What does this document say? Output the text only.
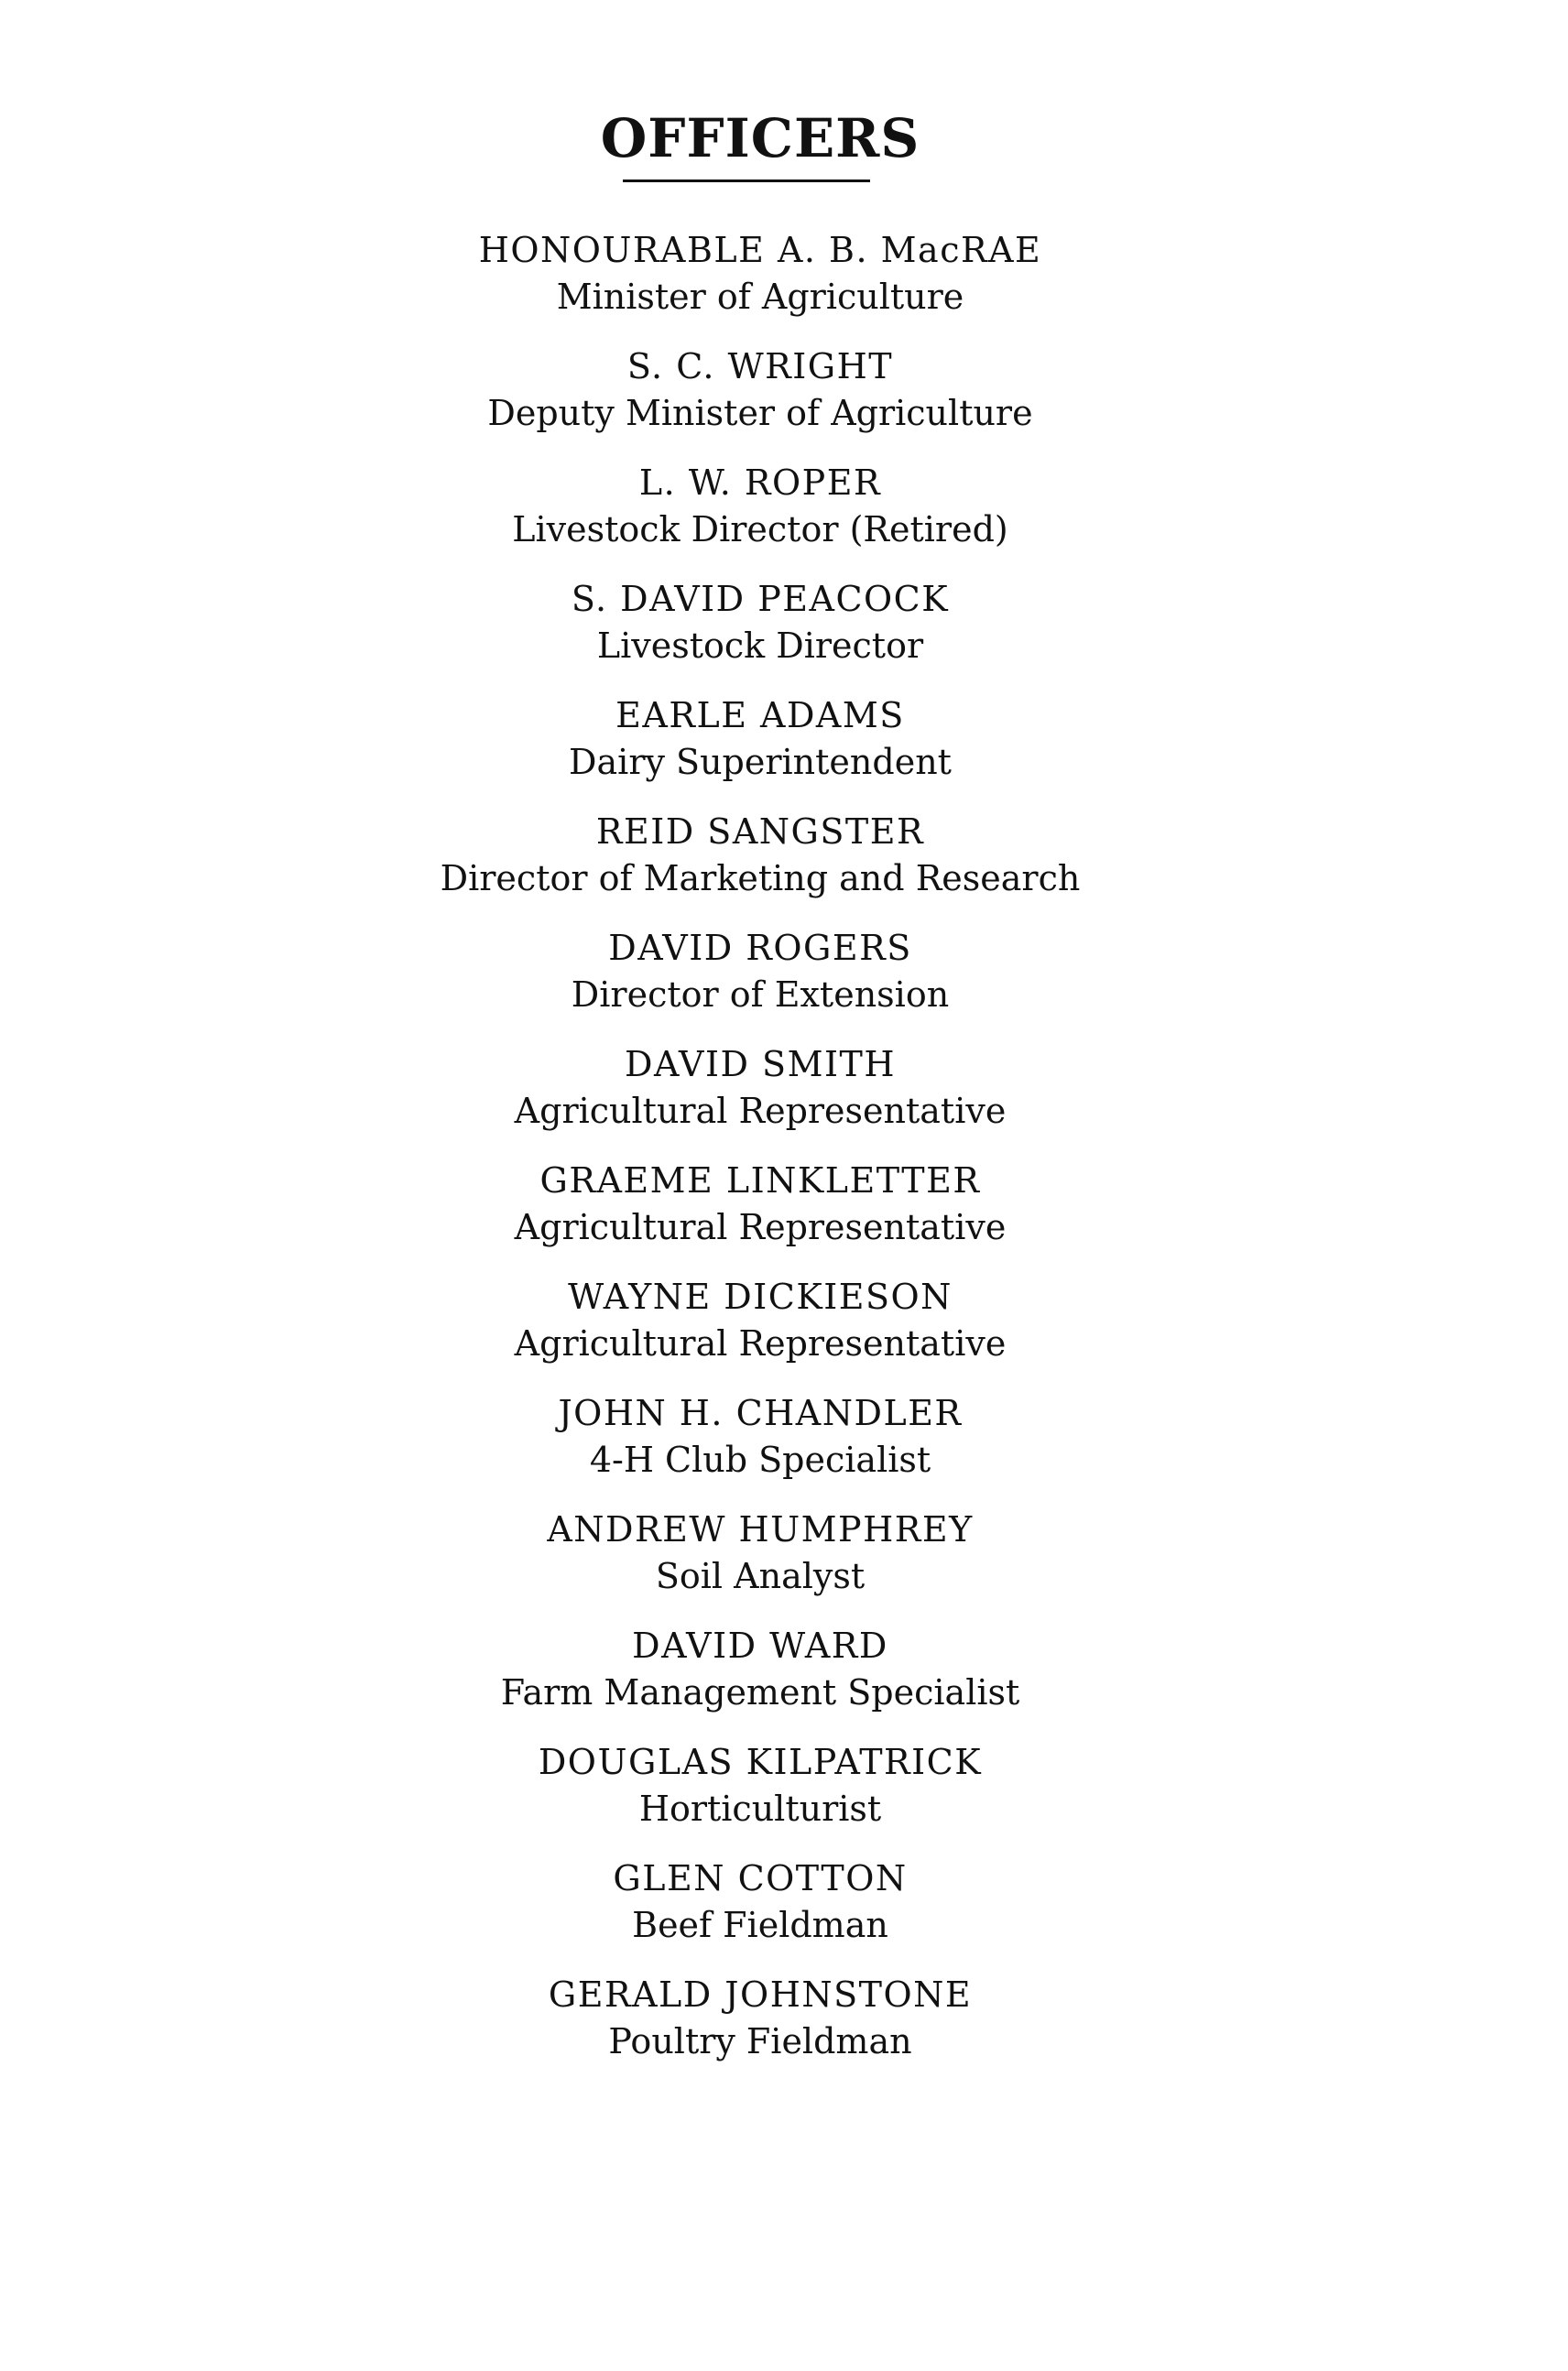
OFFICERS
HONOURABLE A. B. MacRAE
Minister of Agriculture
S. C. WRIGHT
Deputy Minister of Agriculture
L. W. ROPER
Livestock Director (Retired)
S. DAVID PEACOCK
Livestock Director
EARLE ADAMS
Dairy Superintendent
REID SANGSTER
Director of Marketing and Research
DAVID ROGERS
Director of Extension
DAVID SMITH
Agricultural Representative
GRAEME LINKLETTER
Agricultural Representative
WAYNE DICKIESON
Agricultural Representative
JOHN H. CHANDLER
4-H Club Specialist
ANDREW HUMPHREY
Soil Analyst
DAVID WARD
Farm Management Specialist
DOUGLAS KILPATRICK
Horticulturist
GLEN COTTON
Beef Fieldman
GERALD JOHNSTONE
Poultry Fieldman
